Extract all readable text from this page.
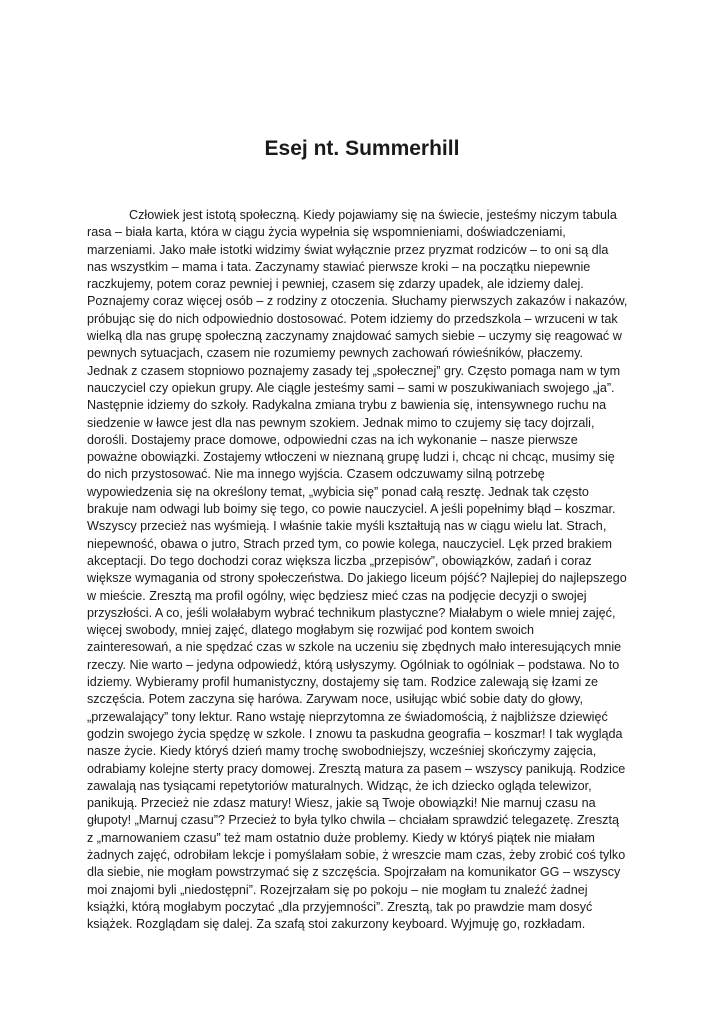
Esej nt. Summerhill
Człowiek jest istotą społeczną. Kiedy pojawiamy się na świecie, jesteśmy niczym tabula
rasa – biała karta, która w ciągu życia wypełnia się wspomnieniami, doświadczeniami,
marzeniami. Jako małe istotki widzimy świat wyłącznie przez pryzmat rodziców – to oni są dla
nas wszystkim – mama i tata. Zaczynamy stawiać pierwsze kroki – na początku niepewnie
raczkujemy, potem coraz pewniej i pewniej, czasem się zdarzy upadek, ale idziemy dalej.
Poznajemy coraz więcej osób – z rodziny z otoczenia. Słuchamy pierwszych zakazów i nakazów,
próbując się do nich odpowiednio dostosować. Potem idziemy do przedszkola – wrzuceni w tak
wielką dla nas grupę społeczną zaczynamy znajdować samych siebie – uczymy się reagować w
pewnych sytuacjach, czasem nie rozumiemy pewnych zachowań rówieśników, płaczemy.
Jednak z czasem stopniowo poznajemy zasady tej „społecznej” gry. Często pomaga nam w tym
nauczyciel czy opiekun grupy. Ale ciągle jesteśmy sami – sami w poszukiwaniach swojego „ja”.
Następnie idziemy do szkoły. Radykalna zmiana trybu z bawienia się, intensywnego ruchu na
siedzenie w ławce jest dla nas pewnym szokiem. Jednak mimo to czujemy się tacy dojrzali,
dorośli. Dostajemy prace domowe, odpowiedni czas na ich wykonanie – nasze pierwsze
poważne obowiązki. Zostajemy wtłoczeni w nieznaną grupę ludzi i, chcąc ni chcąc, musimy się
do nich przystosować. Nie ma innego wyjścia. Czasem odczuwamy silną potrzebę
wypowiedzenia się na określony temat, „wybicia się” ponad całą resztę. Jednak tak często
brakuje nam odwagi lub boimy się tego, co powie nauczyciel. A jeśli popełnimy błąd – koszmar.
Wszyscy przecież nas wyśmieją. I właśnie takie myśli kształtują nas w ciągu wielu lat. Strach,
niepewność, obawa o jutro, Strach przed tym, co powie kolega, nauczyciel. Lęk przed brakiem
akceptacji. Do tego dochodzi coraz większa liczba „przepisów”, obowiązków, zadań i coraz
większe wymagania od strony społeczeństwa. Do jakiego liceum pójść? Najlepiej do najlepszego
w mieście. Zresztą ma profil ogólny, więc będziesz mieć czas na podjęcie decyzji o swojej
przyszłości. A co, jeśli wolałabym wybrać technikum plastyczne? Miałabym o wiele mniej zajęć,
więcej swobody, mniej zajęć, dlatego mogłabym się rozwijać pod kontem swoich
zainteresowań, a nie spędzać czas w szkole na uczeniu się zbędnych mało interesujących mnie
rzeczy. Nie warto – jedyna odpowiedź, którą usłyszymy. Ogólniak to ogólniak – podstawa. No to
idziemy. Wybieramy profil humanistyczny, dostajemy się tam. Rodzice zalewają się łzami ze
szczęścia. Potem zaczyna się harówa. Zarywam noce, usiłując wbić sobie daty do głowy,
„przewalający” tony lektur. Rano wstaję nieprzytomna ze świadomością, ż najbliższe dziewięć
godzin swojego życia spędzę w szkole. I znowu ta paskudna geografia – koszmar! I tak wygląda
nasze życie. Kiedy któryś dzień mamy trochę swobodniejszy, wcześniej skończymy zajęcia,
odrabiamy kolejne sterty pracy domowej. Zresztą matura za pasem – wszyscy panikują. Rodzice
zawalają nas tysiącami repetytoriów maturalnych. Widząc, że ich dziecko ogląda telewizor,
panikują. Przecież nie zdasz matury! Wiesz, jakie są Twoje obowiązki! Nie marnuj czasu na
głupoty! „Marnuj czasu”? Przecież to była tylko chwila – chciałam sprawdzić telegazetę. Zresztą
z „marnowaniem czasu” też mam ostatnio duże problemy. Kiedy w któryś piątek nie miałam
żadnych zajęć, odrobiłam lekcje i pomyślałam sobie, ż wreszcie mam czas, żeby zrobić coś tylko
dla siebie, nie mogłam powstrzymać się z szczęścia. Spojrzałam na komunikator GG – wszyscy
moi znajomi byli „niedostępni”. Rozejrzałam się po pokoju – nie mogłam tu znaleźć żadnej
książki, którą mogłabym poczytać „dla przyjemności”. Zresztą, tak po prawdzie mam dosyć
książek. Rozglądam się dalej. Za szafą stoi zakurzony keyboard. Wyjmuję go, rozkładam.
